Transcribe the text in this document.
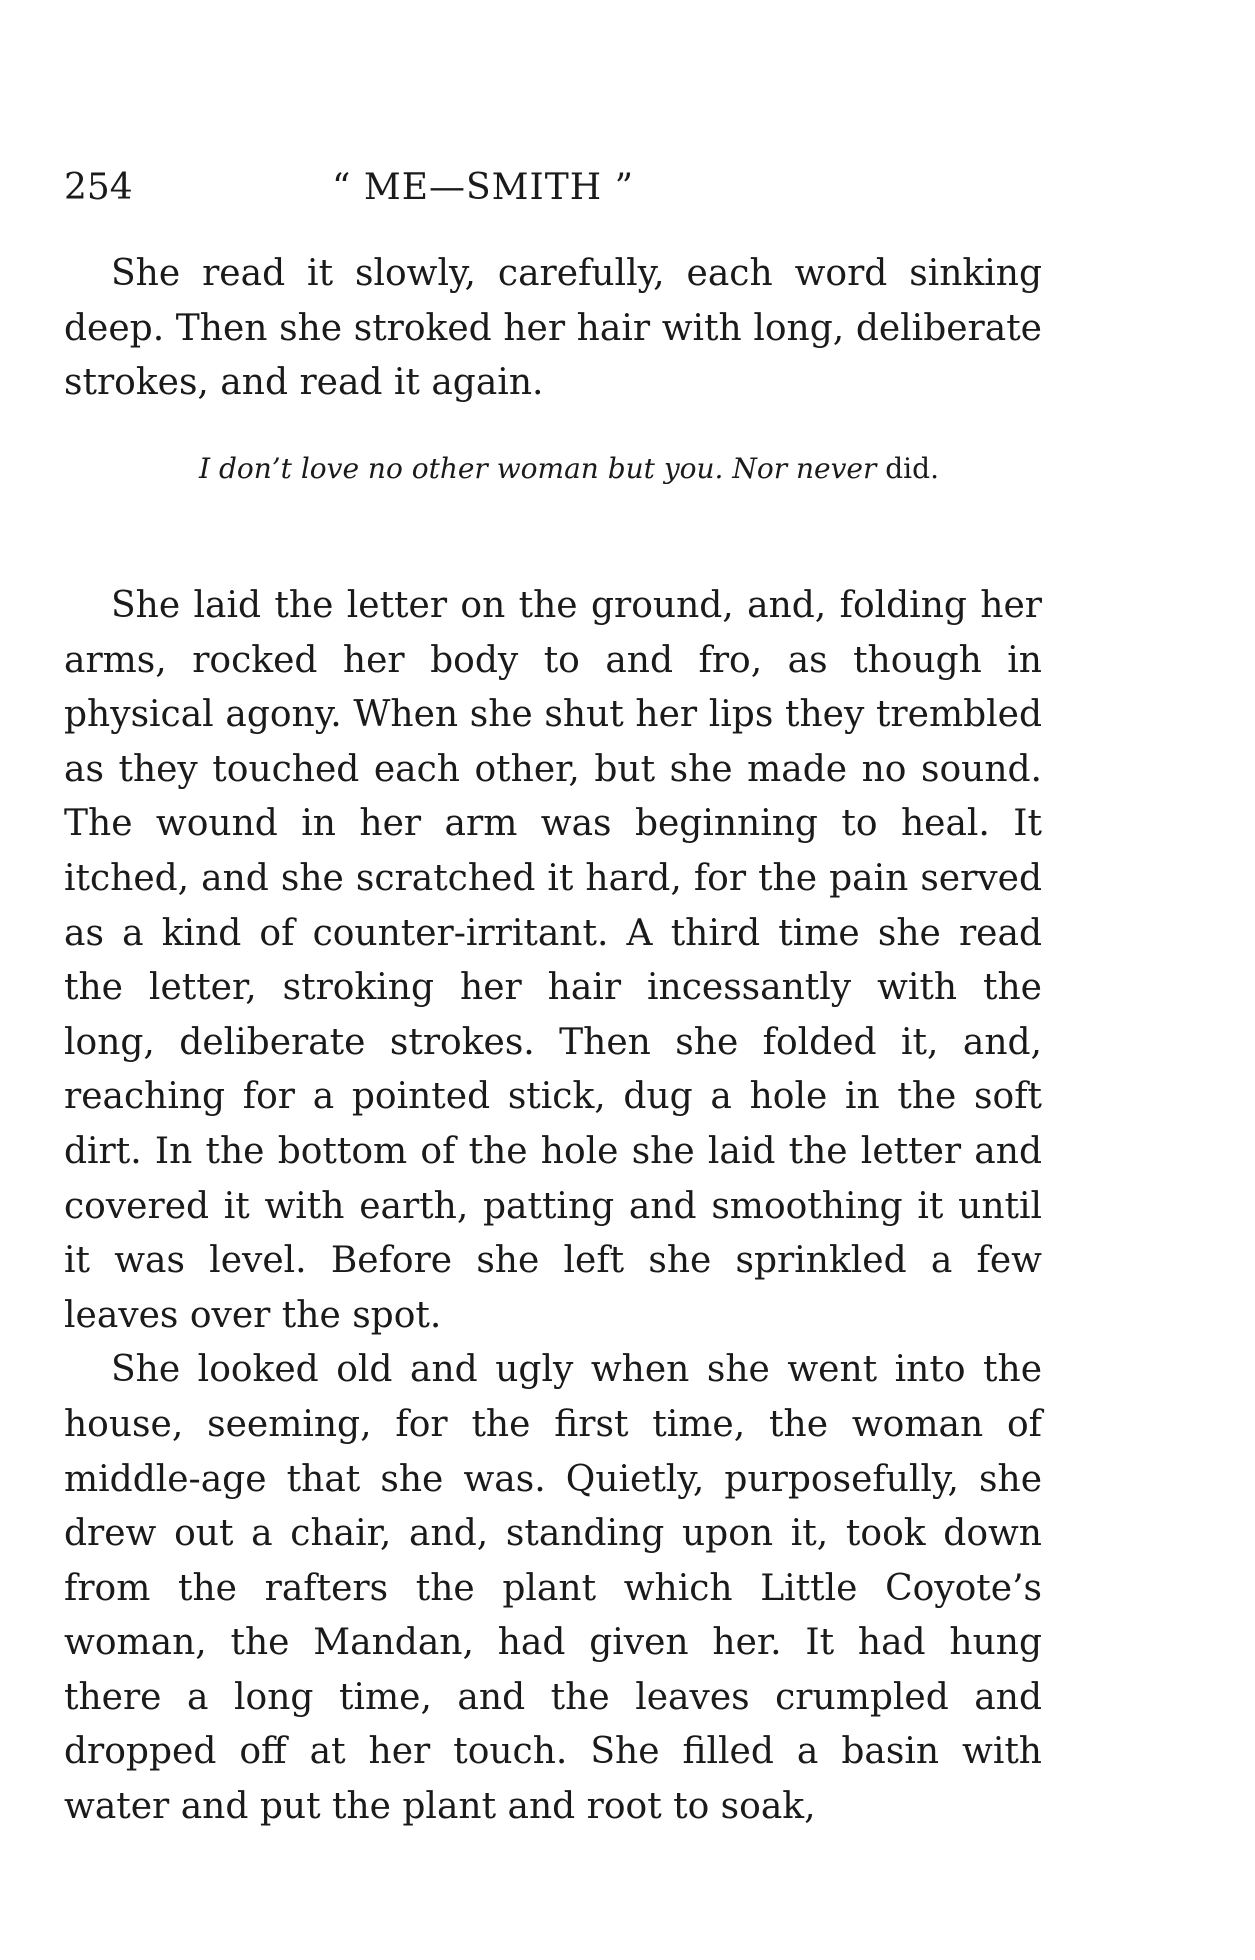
254	“ ME—SMITH ”

She read it slowly, carefully, each word sinking deep. Then she stroked her hair with long, deliberate strokes, and read it again.

I don’t love no other woman but you. Nor never did.

She laid the letter on the ground, and, folding her arms, rocked her body to and fro, as though in physical agony. When she shut her lips they trembled as they touched each other, but she made no sound. The wound in her arm was beginning to heal. It itched, and she scratched it hard, for the pain served as a kind of counter-irritant. A third time she read the letter, stroking her hair incessantly with the long, deliberate strokes. Then she folded it, and, reaching for a pointed stick, dug a hole in the soft dirt. In the bottom of the hole she laid the letter and covered it with earth, patting and smoothing it until it was level. Before she left she sprinkled a few leaves over the spot.

She looked old and ugly when she went into the house, seeming, for the first time, the woman of middle-age that she was. Quietly, purposefully, she drew out a chair, and, standing upon it, took down from the rafters the plant which Little Coyote’s woman, the Mandan, had given her. It had hung there a long time, and the leaves crumpled and dropped off at her touch. She filled a basin with water and put the plant and root to soak,
